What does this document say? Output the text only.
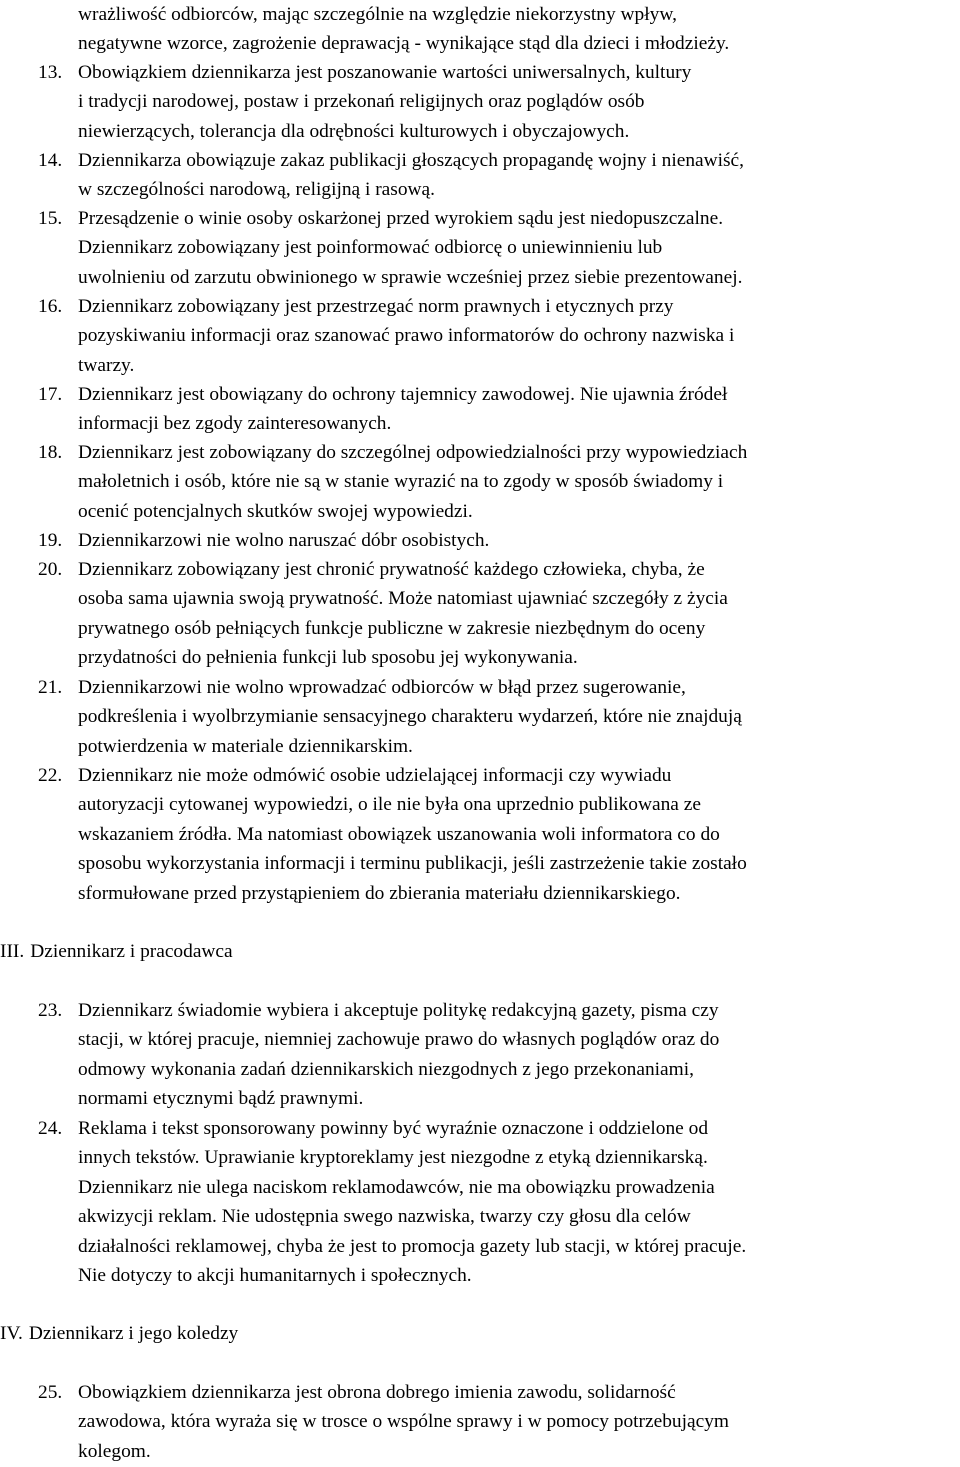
wrażliwość odbiorców, mając szczególnie na względzie niekorzystny wpływ,
negatywne wzorce, zagrożenie deprawacją - wynikające stąd dla dzieci i młodzieży.
13. Obowiązkiem dziennikarza jest poszanowanie wartości uniwersalnych, kultury
i tradycji narodowej, postaw i przekonań religijnych oraz poglądów osób
niewierzących, tolerancja dla odrębności kulturowych i obyczajowych.
14. Dziennikarza obowiązuje zakaz publikacji głoszących propagandę wojny i nienawiść,
w szczególności narodową, religijną i rasową.
15. Przesądzenie o winie osoby oskarżonej przed wyrokiem sądu jest niedopuszczalne.
Dziennikarz zobowiązany jest poinformować odbiorcę o uniewinnieniu lub
uwolnieniu od zarzutu obwinionego w sprawie wcześniej przez siebie prezentowanej.
16. Dziennikarz zobowiązany jest przestrzegać norm prawnych i etycznych przy
pozyskiwaniu informacji oraz szanować prawo informatorów do ochrony nazwiska i
twarzy.
17. Dziennikarz jest obowiązany do ochrony tajemnicy zawodowej. Nie ujawnia źródeł
informacji bez zgody zainteresowanych.
18. Dziennikarz jest zobowiązany do szczególnej odpowiedzialności przy wypowiedziach
małoletnich i osób, które nie są w stanie wyrazić na to zgody w sposób świadomy i
ocenić potencjalnych skutków swojej wypowiedzi.
19. Dziennikarzowi nie wolno naruszać dóbr osobistych.
20. Dziennikarz zobowiązany jest chronić prywatność każdego człowieka, chyba, że
osoba sama ujawnia swoją prywatność. Może natomiast ujawniać szczegóły z życia
prywatnego osób pełniących funkcje publiczne w zakresie niezbędnym do oceny
przydatności do pełnienia funkcji lub sposobu jej wykonywania.
21. Dziennikarzowi nie wolno wprowadzać odbiorców w błąd przez sugerowanie,
podkreślenia i wyolbrzymianie sensacyjnego charakteru wydarzeń, które nie znajdują
potwierdzenia w materiale dziennikarskim.
22. Dziennikarz nie może odmówić osobie udzielającej informacji czy wywiadu
autoryzacji cytowanej wypowiedzi, o ile nie była ona uprzednio publikowana ze
wskazaniem źródła. Ma natomiast obowiązek uszanowania woli informatora co do
sposobu wykorzystania informacji i terminu publikacji, jeśli zastrzeżenie takie zostało
sformułowane przed przystąpieniem do zbierania materiału dziennikarskiego.
III. Dziennikarz i pracodawca
23. Dziennikarz świadomie wybiera i akceptuje politykę redakcyjną gazety, pisma czy
stacji, w której pracuje, niemniej zachowuje prawo do własnych poglądów oraz do
odmowy wykonania zadań dziennikarskich niezgodnych z jego przekonaniami,
normami etycznymi bądź prawnymi.
24. Reklama i tekst sponsorowany powinny być wyraźnie oznaczone i oddzielone od
innych tekstów. Uprawianie kryptoreklamy jest niezgodne z etyką dziennikarską.
Dziennikarz nie ulega naciskom reklamodawców, nie ma obowiązku prowadzenia
akwizycji reklam. Nie udostępnia swego nazwiska, twarzy czy głosu dla celów
działalności reklamowej, chyba że jest to promocja gazety lub stacji, w której pracuje.
Nie dotyczy to akcji humanitarnych i społecznych.
IV. Dziennikarz i jego koledzy
25. Obowiązkiem dziennikarza jest obrona dobrego imienia zawodu, solidarność
zawodowa, która wyraża się w trosce o wspólne sprawy i w pomocy potrzebującym
kolegom.
